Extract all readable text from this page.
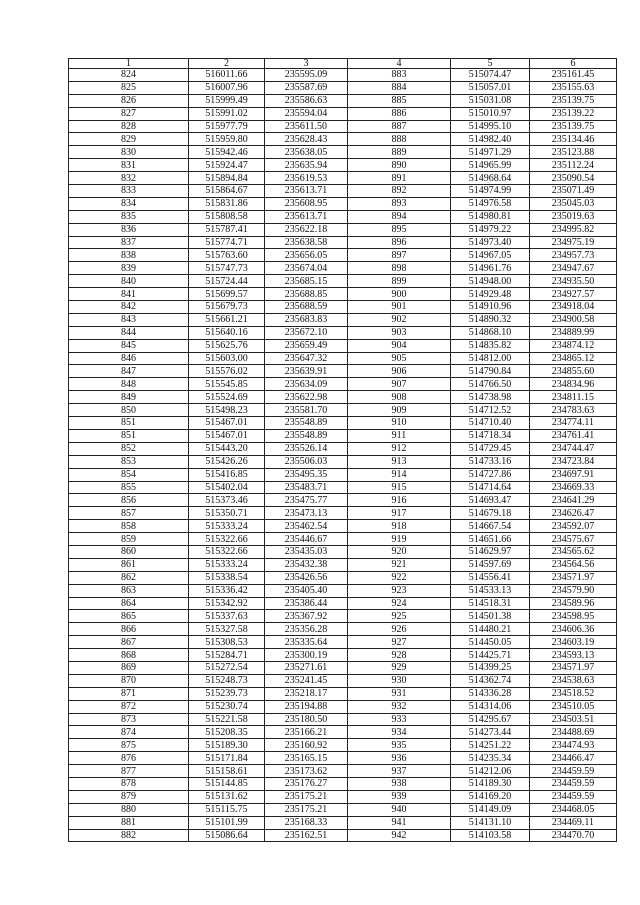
1	2	3	4	5	6
824	516011.66	235595.09	883	515074.47	235161.45
825	516007.96	235587.69	884	515057.01	235155.63
826	515999.49	235586.63	885	515031.08	235139.75
827	515991.02	235594.04	886	515010.97	235139.22
828	515977.79	235611.50	887	514995.10	235139.75
829	515959.80	235628.43	888	514982.40	235134.46
830	515942.46	235638.05	889	514971.29	235123.88
831	515924.47	235635.94	890	514965.99	235112.24
832	515894.84	235619.53	891	514968.64	235090.54
833	515864.67	235613.71	892	514974.99	235071.49
834	515831.86	235608.95	893	514976.58	235045.03
835	515808.58	235613.71	894	514980.81	235019.63
836	515787.41	235622.18	895	514979.22	234995.82
837	515774.71	235638.58	896	514973.40	234975.19
838	515763.60	235656.05	897	514967.05	234957.73
839	515747.73	235674.04	898	514961.76	234947.67
840	515724.44	235685.15	899	514948.00	234935.50
841	515699.57	235688.85	900	514929.48	234927.57
842	515679.73	235688.59	901	514910.96	234918.04
843	515661.21	235683.83	902	514890.32	234900.58
844	515640.16	235672.10	903	514868.10	234889.99
845	515625.76	235659.49	904	514835.82	234874.12
846	515603.00	235647.32	905	514812.00	234865.12
847	515576.02	235639.91	906	514790.84	234855.60
848	515545.85	235634.09	907	514766.50	234834.96
849	515524.69	235622.98	908	514738.98	234811.15
850	515498.23	235581.70	909	514712.52	234783.63
851	515467.01	235548.89	910	514710.40	234774.11
851	515467.01	235548.89	911	514718.34	234761.41
852	515443.20	235526.14	912	514729.45	234744.47
853	515426.26	235506.03	913	514733.16	234723.84
854	515416.85	235495.35	914	514727.86	234697.91
855	515402.04	235483.71	915	514714.64	234669.33
856	515373.46	235475.77	916	514693.47	234641.29
857	515350.71	235473.13	917	514679.18	234626.47
858	515333.24	235462.54	918	514667.54	234592.07
859	515322.66	235446.67	919	514651.66	234575.67
860	515322.66	235435.03	920	514629.97	234565.62
861	515333.24	235432.38	921	514597.69	234564.56
862	515338.54	235426.56	922	514556.41	234571.97
863	515336.42	235405.40	923	514533.13	234579.90
864	515342.92	235386.44	924	514518.31	234589.96
865	515337.63	235367.92	925	514501.38	234598.95
866	515327.58	235356.28	926	514480.21	234606.36
867	515308.53	235335.64	927	514450.05	234603.19
868	515284.71	235300.19	928	514425.71	234593.13
869	515272.54	235271.61	929	514399.25	234571.97
870	515248.73	235241.45	930	514362.74	234538.63
871	515239.73	235218.17	931	514336.28	234518.52
872	515230.74	235194.88	932	514314.06	234510.05
873	515221.58	235180.50	933	514295.67	234503.51
874	515208.35	235166.21	934	514273.44	234488.69
875	515189.30	235160.92	935	514251.22	234474.93
876	515171.84	235165.15	936	514235.34	234466.47
877	515158.61	235173.62	937	514212.06	234459.59
878	515144.85	235176.27	938	514189.30	234459.59
879	515131.62	235175.21	939	514169.20	234459.59
880	515115.75	235175.21	940	514149.09	234468.05
881	515101.99	235168.33	941	514131.10	234469.11
882	515086.64	235162.51	942	514103.58	234470.70
